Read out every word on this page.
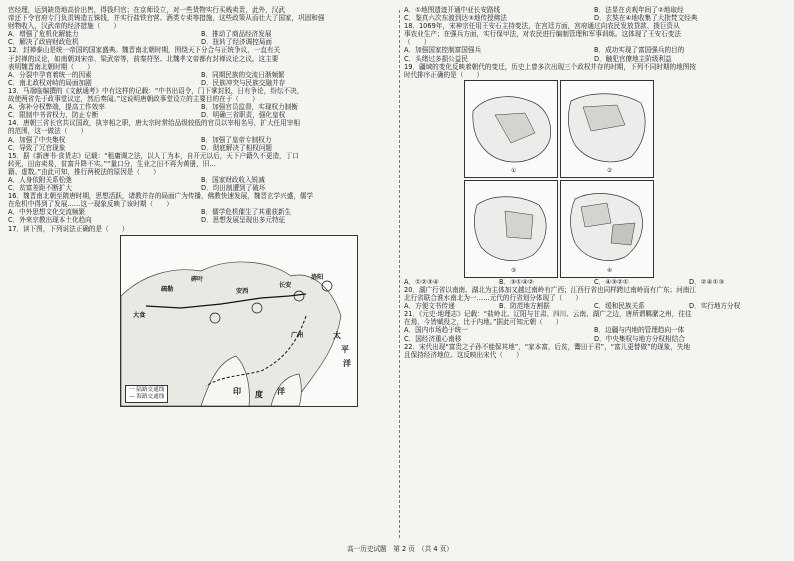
官经理，运到缺货地高价出售，得钱归官；在京师设立，对一些货物实行买贱卖贵，此外，汉武
帝还下令官府专门负责铸造五铢钱，并实行盐铁官营、酒类专卖等措施，这些政策从而壮大了国家，巩固和强
财物收入，汉武帝的经济措施（　　）
A．增强了危机化解能力	B．推动了商品经济发展
C．解决了政府财政危机	D．扭转了经济调控局面
12．封禅泰山是统一帝国的国家盛典。魏晋南北朝时期，围绕天下分合与正统争议，一直有关
于封禅的议论，如南朝刘宋帝、梁武帝等，前秦苻坚、北魏孝文帝都有封禅议论之议。这主要
表明魏晋南北朝时期（　　）
A．分裂中孕育着统一的因素	B．同期民族的交流日渐频繁
C．南北政权对峙的局面加剧	D．民族冲突与民族交融并存
13．马端临编撰的《文献通考》中有这样的记载：“中书出诏令，门下掌封驳，日有争论，纷纭不决，
故使两省先于政事堂议定，然后奏闻。”这说明唐朝政事堂设立的主要目的在于（　　）
A．弥补分权弊端，提高工作效率	B．加强官员监督，实现权力制衡
C．限制中书省权力，防止专断	D．明确三省职责，强化皇权
14．唐朝三省长官共议国政，执宰相之职，唐太宗时常给品级较低的官员以宰相名号，扩大任用宰相
的范围，这一做法（　　）
A．加强了中央集权	B．加强了皇帝专制权力
C．导致了冗官现象	D．彻底解决了相权问题
15．据《新唐书·食货志》记载：“租庸调之法，以人丁为本，自开元以后，天下户籍久不更造，丁口
转死，田亩卖易，贫富升降不实。”“量口分，生业之田不再为黄册，旧…
籍、虚数。”由此可知，推行两税法的原因是（　　）
A．人身依附关系松弛	B．国家财政收入锐减
C．贫富差距不断扩大	D．均田制遭到了破坏
16．魏晋南北朝至隋唐时期，思想活跃，诸教并存的局面广为传播，佛教快速发展，魏晋玄学兴盛，儒学
在危机中得到了发展……这一现象反映了该时期（　　）
A．中外思想文化交流频繁	B．儒学危机催生了其重获新生
C．外来宗教出现本土化趋向	D．思想发展呈现出多元特征
17．读下图，下列说法正确的是（　　）
疏勒
大食
碎叶
安西
长安
洛阳
广州	太
平
洋
印 度 洋
一 陆路交通线
— 海路交通线
A．①地图遗迹开通中亚长安路线	B．法显在贞观年间了②地取经
C．鉴真六次东渡到达③地传授佛法	D．玄奘在④地收集了大批梵文经典
18．1069年，宋神宗任用王安石主持变法，在宫廷方面，宫府通过向农民发放贷款、拨巨资从
事农业生产；在强兵方面，实行保甲法，对农民进行编制管理和军事训练。这体现了王安石变法
（　　）
A．加强国家控制富国强兵	B．成功实现了富国强兵的目的
C．头绪过多损公益民	D．触犯官僚地主阶级利益
19．疆域的变化反映着朝代的变迁，历史上曾多次出现三个政权并存的时期，下列不同时期的地图按
时代排序正确的是（　　）
①	②
③	④
A．①②③④	B．③①④②	C．④③②①	D．②④①③
20．湖广行省以南南、湖北为主体加又越过南岭有广西；江西行省也同样跨过南岭而有广东；河南江
北行省联合淮水南北为一……元代的行省划分体现了（　　）
A．方便文书传递	B．防范地方割据	C．缓和民族关系	D．实行地方分权
21．《元史·地理志》记载：“盐岭北、辽阳与甘肃、四川、云南、湖广之边，唐所谓羁縻之州，往往
在焉，今皆赋役之，比于内地。”据此可知元朝（　　）
A．国内市场趋于统一	B．边疆与内地的管理趋向一体
C．国经济重心南移	D．中央集权与地方分权相结合
22．宋代出现“富贵之子孙不能保其地”，“家本富，后贫，鬻田于君”，“富儿更替做”的现象，失地
且保持经济地位。这反映出宋代（　　）
高一历史试题　第 2 页　（共 4 页）
